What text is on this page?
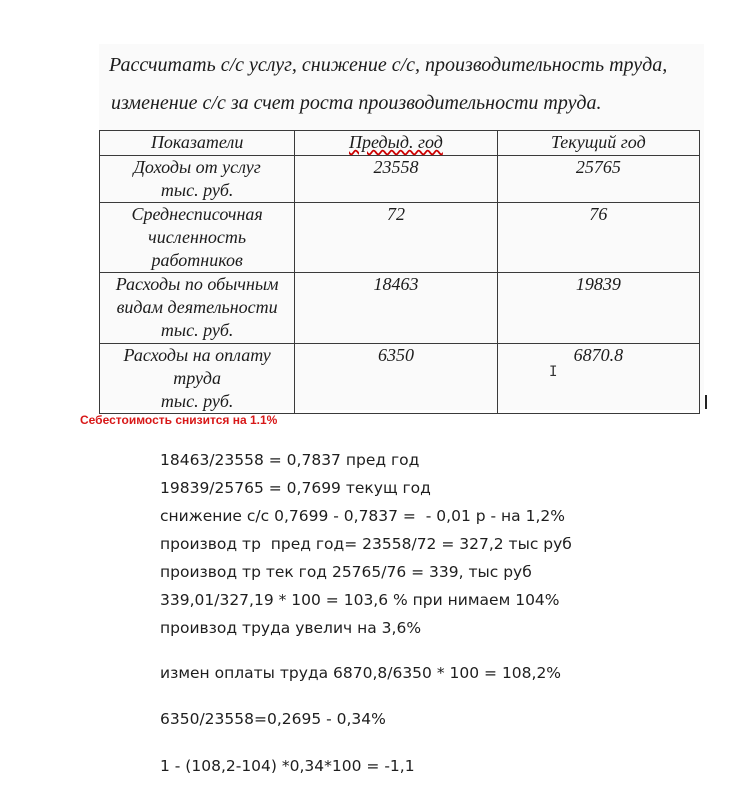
Рассчитать с/с услуг, снижение с/с, производительность труда,

изменение с/с за счет роста производительности труда.

Показатели	Предыд. год	Текущий год

Доходы от услуг
тыс. руб.	23558	25765

Среднесписочная
численность
работников	72	76

Расходы по обычным
видам деятельности
тыс. руб.	18463	19839

Расходы на оплату
труда
тыс. руб.	6350	6870.8
I

Себестоимость снизится на 1.1%

18463/23558 = 0,7837 пред год

19839/25765 = 0,7699 текущ год

снижение с/с 0,7699 - 0,7837 =  - 0,01 р - на 1,2%

производ тр  пред год= 23558/72 = 327,2 тыс руб

производ тр тек год 25765/76 = 339, тыс руб

339,01/327,19 * 100 = 103,6 % при нимаем 104%

проивзод труда увелич на 3,6%

измен оплаты труда 6870,8/6350 * 100 = 108,2%

6350/23558=0,2695 - 0,34%

1 - (108,2-104) *0,34*100 = -1,1
